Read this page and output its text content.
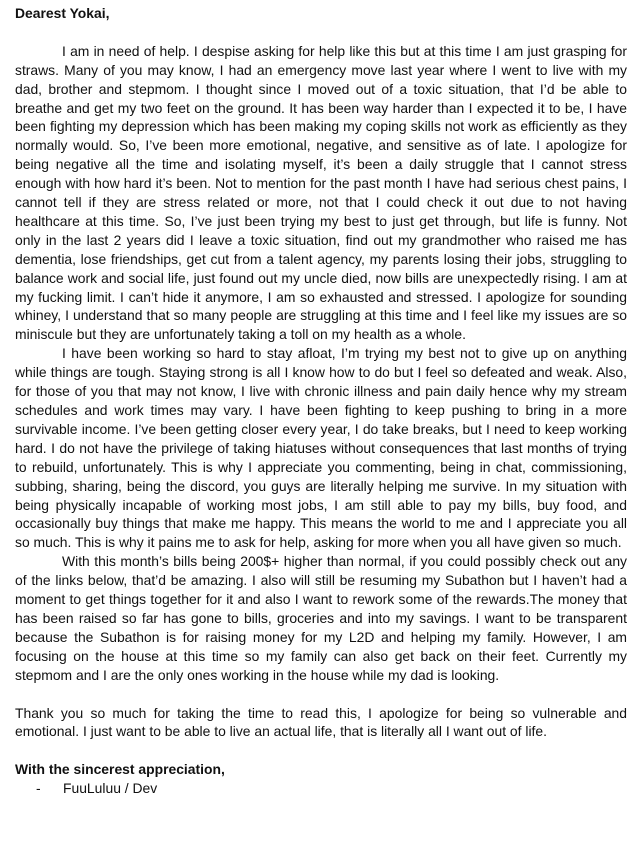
Dearest Yokai,

I am in need of help. I despise asking for help like this but at this time I am just grasping for straws. Many of you may know, I had an emergency move last year where I went to live with my dad, brother and stepmom. I thought since I moved out of a toxic situation, that I’d be able to breathe and get my two feet on the ground. It has been way harder than I expected it to be, I have been fighting my depression which has been making my coping skills not work as efficiently as they normally would. So, I’ve been more emotional, negative, and sensitive as of late. I apologize for being negative all the time and isolating myself, it’s been a daily struggle that I cannot stress enough with how hard it’s been. Not to mention for the past month I have had serious chest pains, I cannot tell if they are stress related or more, not that I could check it out due to not having healthcare at this time. So, I’ve just been trying my best to just get through, but life is funny. Not only in the last 2 years did I leave a toxic situation, find out my grandmother who raised me has dementia, lose friendships, get cut from a talent agency, my parents losing their jobs, struggling to balance work and social life, just found out my uncle died, now bills are unexpectedly rising. I am at my fucking limit. I can’t hide it anymore, I am so exhausted and stressed. I apologize for sounding whiney, I understand that so many people are struggling at this time and I feel like my issues are so miniscule but they are unfortunately taking a toll on my health as a whole.

I have been working so hard to stay afloat, I’m trying my best not to give up on anything while things are tough. Staying strong is all I know how to do but I feel so defeated and weak. Also, for those of you that may not know, I live with chronic illness and pain daily hence why my stream schedules and work times may vary. I have been fighting to keep pushing to bring in a more survivable income. I’ve been getting closer every year, I do take breaks, but I need to keep working hard. I do not have the privilege of taking hiatuses without consequences that last months of trying to rebuild, unfortunately. This is why I appreciate you commenting, being in chat, commissioning, subbing, sharing, being the discord, you guys are literally helping me survive. In my situation with being physically incapable of working most jobs, I am still able to pay my bills, buy food, and occasionally buy things that make me happy. This means the world to me and I appreciate you all so much. This is why it pains me to ask for help, asking for more when you all have given so much.

With this month’s bills being 200$+ higher than normal, if you could possibly check out any of the links below, that’d be amazing. I also will still be resuming my Subathon but I haven’t had a moment to get things together for it and also I want to rework some of the rewards.The money that has been raised so far has gone to bills, groceries and into my savings. I want to be transparent because the Subathon is for raising money for my L2D and helping my family. However, I am focusing on the house at this time so my family can also get back on their feet. Currently my stepmom and I are the only ones working in the house while my dad is looking.

Thank you so much for taking the time to read this, I apologize for being so vulnerable and emotional. I just want to be able to live an actual life, that is literally all I want out of life.

With the sincerest appreciation,

-	FuuLuluu / Dev
